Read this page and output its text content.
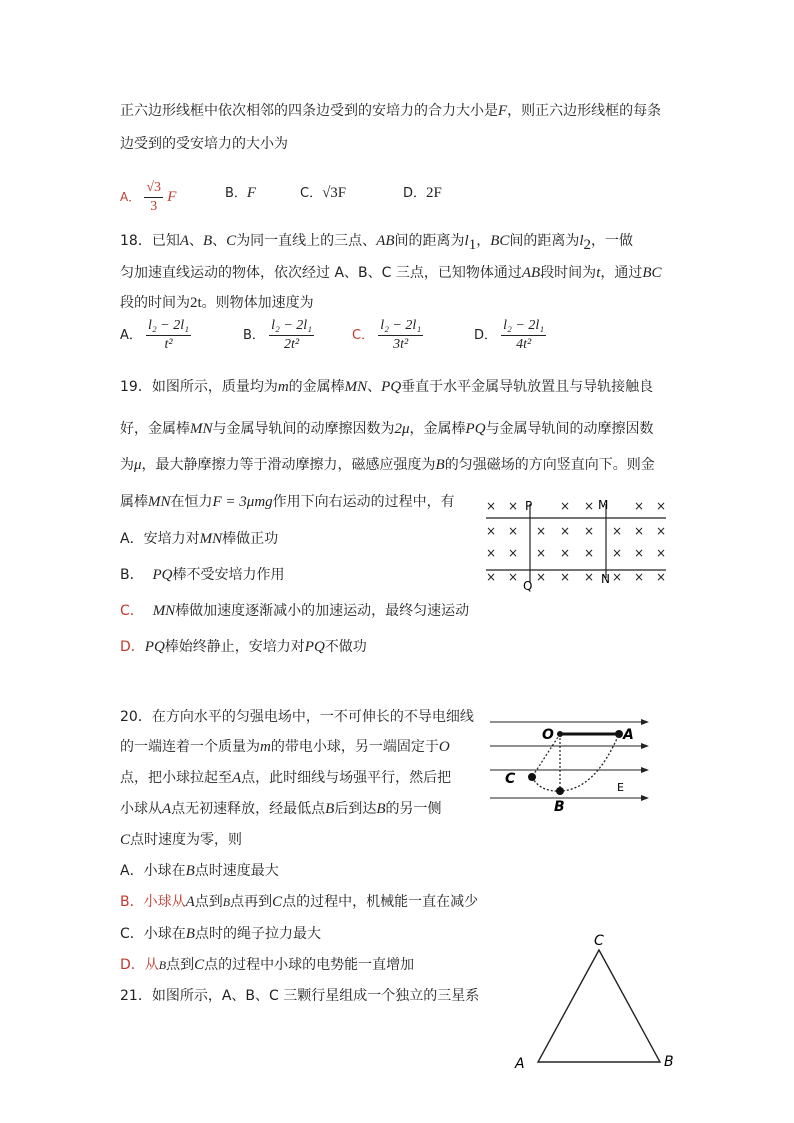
正六边形线框中依次相邻的四条边受到的安培力的合力大小是F，则正六边形线框的每条
边受到的受安培力的大小为
A． $\frac{√3}{3}$ F	B．F	C．√3F	D．2F
18．已知A、B、C为同一直线上的三点、AB间的距离为$l_1$，BC间的距离为$l_2$，一做
匀加速直线运动的物体，依次经过 A、B、C 三点，已知物体通过AB段时间为t，通过BC
段的时间为2t。则物体加速度为
A． $\frac{\text{l₂ − 2l₁}}{\text{t²}}$	B． $\frac{\text{l₂ − 2l₁}}{\text{2t²}}$	C． $\frac{\text{l₂ − 2l₁}}{\text{3t²}}$	D． $\frac{\text{l₂ − 2l₁}}{\text{4t²}}$
19．如图所示，质量均为m的金属棒MN、PQ垂直于水平金属导轨放置且与导轨接触良
好，金属棒MN与金属导轨间的动摩擦因数为2μ，金属棒PQ与金属导轨间的动摩擦因数
为μ，最大静摩擦力等于滑动摩擦力，磁感应强度为B的匀强磁场的方向竖直向下。则金
属棒MN在恒力F = 3μmg作用下向右运动的过程中，有
A．安培力对MN棒做正功
B． PQ棒不受安培力作用
C． MN棒做加速度逐渐减小的加速运动，最终匀速运动
D．PQ棒始终静止，安培力对PQ不做功
× ×	× ×	× ×
× × × × × × × ×
× × × × × × × ×
× × × × × × × ×
P
Q
M
N
20．在方向水平的匀强电场中，一不可伸长的不导电细线
的一端连着一个质量为m的带电小球，另一端固定于O
点，把小球拉起至A点，此时细线与场强平行，然后把
小球从A点无初速释放，经最低点B后到达B的另一侧
C点时速度为零，则
A．小球在B点时速度最大
B．小球从A点到B点再到C点的过程中，机械能一直在减少
C．小球在B点时的绳子拉力最大
D．从B点到C点的过程中小球的电势能一直增加
O	A
C
B
E
21．如图所示，A、B、C 三颗行星组成一个独立的三星系
C
A	B
